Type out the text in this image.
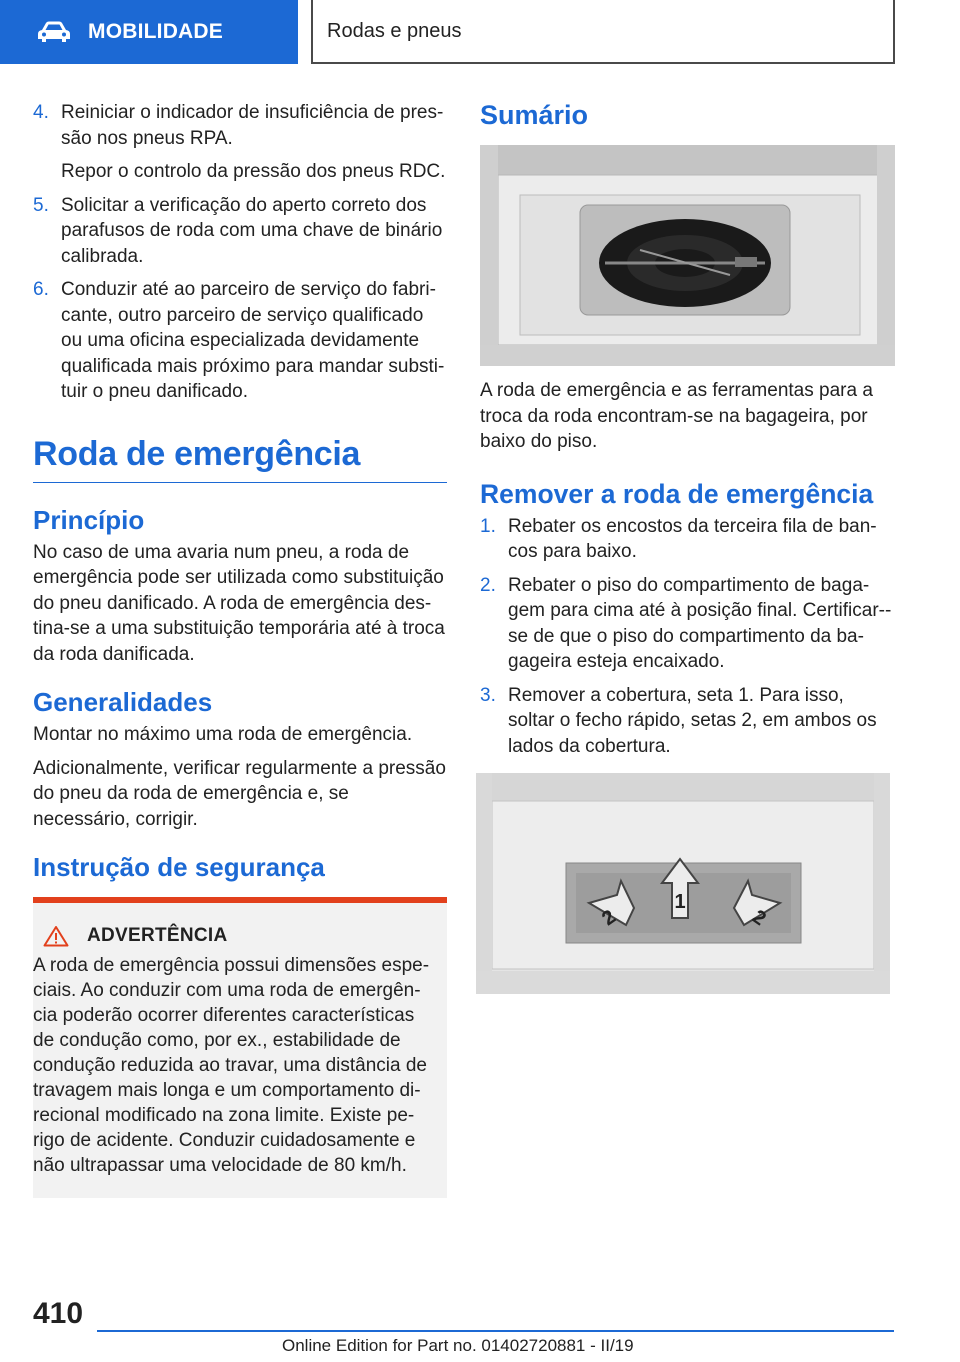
MOBILIDADE	Rodas e pneus
4. Reiniciar o indicador de insuficiência de pres-são nos pneus RPA.

Repor o controlo da pressão dos pneus RDC.

5. Solicitar a verificação do aperto correto dos parafusos de roda com uma chave de binário calibrada.

6. Conduzir até ao parceiro de serviço do fabri-cante, outro parceiro de serviço qualificado ou uma oficina especializada devidamente qualificada mais próximo para mandar substi-tuir o pneu danificado.

Roda de emergência
Princípio

No caso de uma avaria num pneu, a roda de emergência pode ser utilizada como substituição do pneu danificado. A roda de emergência des-tina-se a uma substituição temporária até à troca da roda danificada.

Generalidades

Montar no máximo uma roda de emergência.

Adicionalmente, verificar regularmente a pressão do pneu da roda de emergência e, se necessário, corrigir.

Instrução de segurança
ADVERTÊNCIA

A roda de emergência possui dimensões espe-ciais. Ao conduzir com uma roda de emergên-cia poderão ocorrer diferentes características de condução como, por ex., estabilidade de condução reduzida ao travar, uma distância de travagem mais longa e um comportamento di-recional modificado na zona limite. Existe pe-rigo de acidente. Conduzir cuidadosamente e não ultrapassar uma velocidade de 80 km/h.

Sumário

A roda de emergência e as ferramentas para a troca da roda encontram-se na bagageira, por baixo do piso.

Remover a roda de emergência
1. Rebater os encostos da terceira fila de ban-cos para baixo.

2. Rebater o piso do compartimento de baga-gem para cima até à posição final. Certificar--se de que o piso do compartimento da ba-gageira esteja encaixado.

3. Remover a cobertura, seta 1. Para isso, soltar o fecho rápido, setas 2, em ambos os lados da cobertura.

2
1
2
410
Online Edition for Part no. 01402720881 - II/19
